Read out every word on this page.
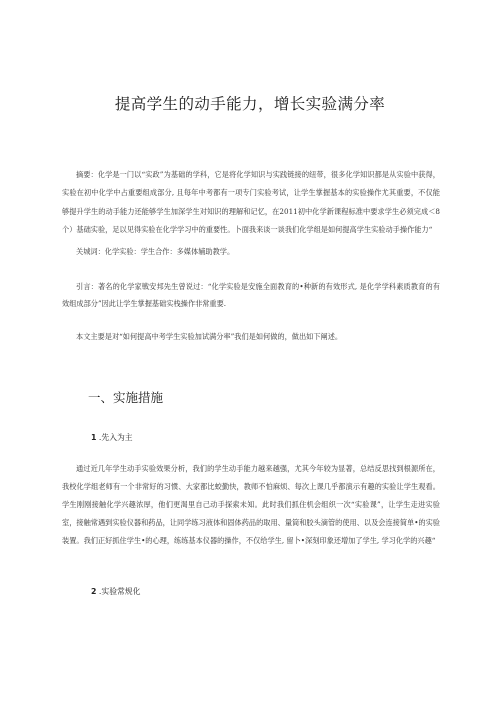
提高学生的动手能力，增长实验满分率

摘要：化学是一门以“实政”为基础的学科，它是将化学知识与实践链接的纽带，很多化学知识都是从实验中获得，实验在初中化学中占重要组成部分, 且每年中考都有一项专门实验考试，让学生掌握基本的实验操作尤其重要，不仅能够提升学生的动手能力还能够学生加深学生对知识的理解和记忆，在2011初中化学新课程标准中要求学生必须完成＜8个）基础实验，足以见得实验在化学学习中的重要性。卜面我来谈一谈我们化学组是如何提高学生实验动手操作能力“

关​城词：化学实验：学生合作：多媒体辅助教学。

引言：著名的化学家戦安邦先生曾说过：“化学实验是安施全面教育的•种新的有效形式, 是化学学科素质教育的有效组成部分”因此让学生掌握基础实栈操作非常重要.

本文主要是对“如何提高中考学生实验加试满分率”我们是如何做的，做出如下阐述。

一、实施措施
1 .先入为主

通过近几年学生动手实验效果分析，我们的学生动手能力越来越强，尤其今年较为显著，总结反思找到根源所在，我校化学组老师有一个非常好的习惯、大家都比蛟勤快，教师不怕麻烦、每次上课几乎都演示有趣的实验让学生观看。学生刚刚接触化学兴趣浓厚，他们更渴里自己动手探索未知。此时我们抓住机会组织一次“实验课”，让学生走进实验室，接触常遇到实验仪器和药品，让同学练习液体和固体药品的取用、量筒和胶头滴管的使用、以及会连接简单•的实验装置。我们正好抓住学生•的心理，练练基本仪器的操作，不仅给学生, 留卜•深刻印象还增加了学生, 学习化学的兴趣“

2 .实验常规化
